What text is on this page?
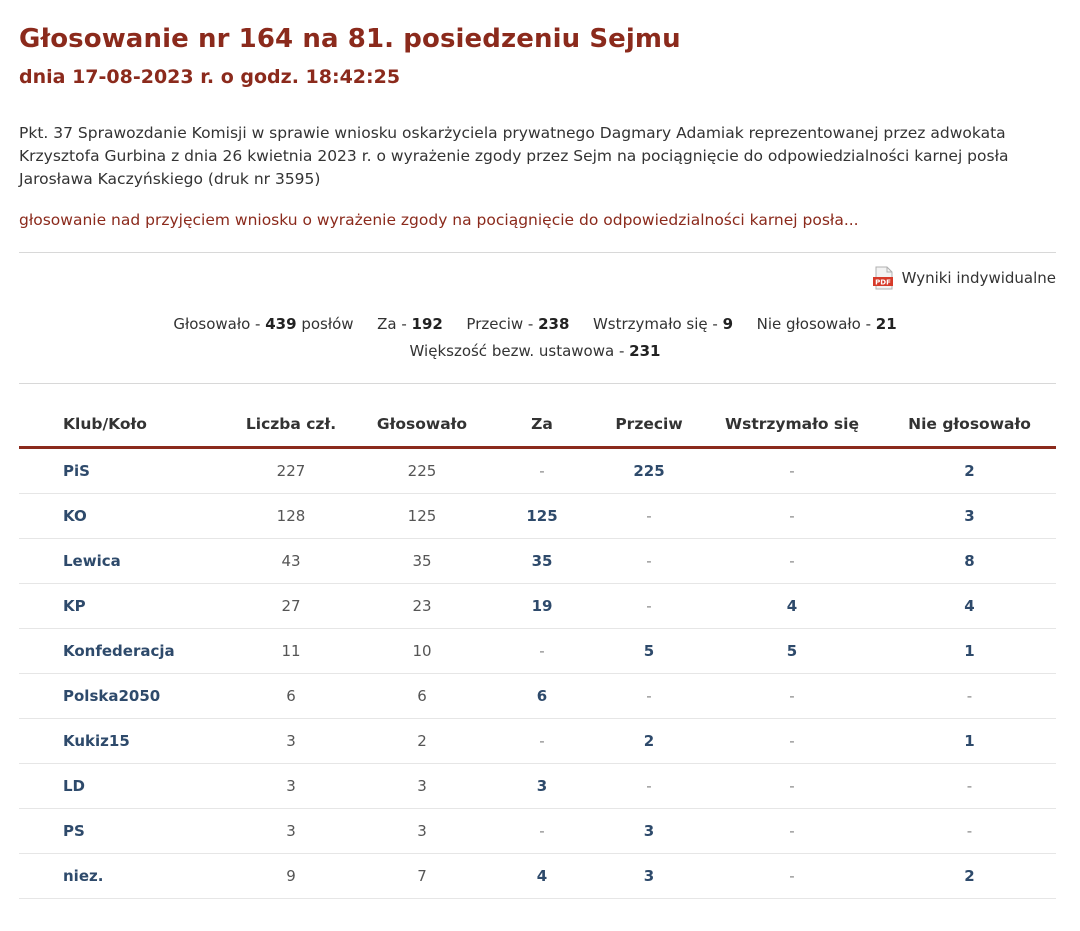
Głosowanie nr 164 na 81. posiedzeniu Sejmu
dnia 17-08-2023 r. o godz. 18:42:25

Pkt. 37 Sprawozdanie Komisji w sprawie wniosku oskarżyciela prywatnego Dagmary Adamiak reprezentowanej przez adwokata Krzysztofa Gurbina z dnia 26 kwietnia 2023 r. o wyrażenie zgody przez Sejm na pociągnięcie do odpowiedzialności karnej posła Jarosława Kaczyńskiego (druk nr 3595)

głosowanie nad przyjęciem wniosku o wyrażenie zgody na pociągnięcie do odpowiedzialności karnej posła...

PDF Wyniki indywidualne
Głosowało - 439 posłów Za - 192 Przeciw - 238 Wstrzymało się - 9 Nie głosowało - 21
Większość bezw. ustawowa - 231
Klub/Koło	Liczba czł.	Głosowało	Za	Przeciw	Wstrzymało się	Nie głosowało
PiS	227	225	-	225	-	2
KO	128	125	125	-	-	3
Lewica	43	35	35	-	-	8
KP	27	23	19	-	4	4
Konfederacja	11	10	-	5	5	1
Polska2050	6	6	6	-	-	-
Kukiz15	3	2	-	2	-	1
LD	3	3	3	-	-	-
PS	3	3	-	3	-	-
niez.	9	7	4	3	-	2
